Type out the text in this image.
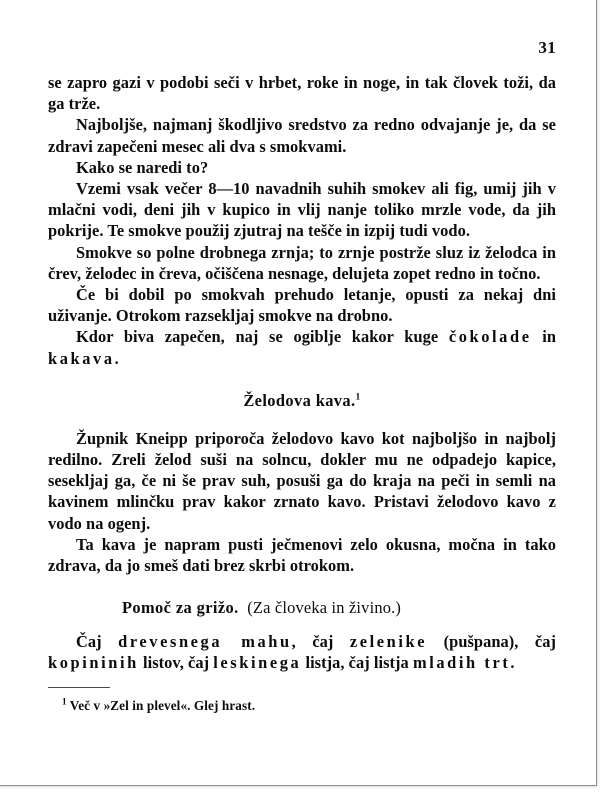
31

se zapro gazi v podobi seči v hrbet, roke in noge, in tak človek toži, da ga trže.

Najboljše, najmanj škodljivo sredstvo za redno odvajanje je, da se zdravi zapečeni mesec ali dva s smokvami.

Kako se naredi to?

Vzemi vsak večer 8—10 navadnih suhih smokev ali fig, umij jih v mlačni vodi, deni jih v kupico in vlij nanje toliko mrzle vode, da jih pokrije. Te smokve použij zjutraj na tešče in izpij tudi vodo.

Smokve so polne drobnega zrnja; to zrnje postrže sluz iz želodca in črev, želodec in čreva, očiščena nesnage, delujeta zopet redno in točno.

Če bi dobil po smokvah prehudo letanje, opusti za nekaj dni uživanje. Otrokom razsekljaj smokve na drobno.

Kdor biva zapečen, naj se ogiblje kakor kuge čokolade in kakava.

Želodova kava.$^1$

Župnik Kneipp priporoča želodovo kavo kot najboljšo in najbolj redilno. Zreli želod suši na solncu, dokler mu ne odpadejo kapice, sesekljaj ga, če ni še prav suh, posuši ga do kraja na peči in semli na kavinem mlinčku prav kakor zrnato kavo. Pristavi želodovo kavo z vodo na ogenj.

Ta kava je napram pusti ječmenovi zelo okusna, močna in tako zdrava, da jo smeš dati brez skrbi otrokom.

Pomoč za grižo. (Za človeka in živino.)

Čaj drevesnega mahu, čaj zelenike (pušpana), čaj kopininih listov, čaj leskinega listja, čaj listja mladih trt.

$^1$ Več v »Zel in plevel«. Glej hrast.
